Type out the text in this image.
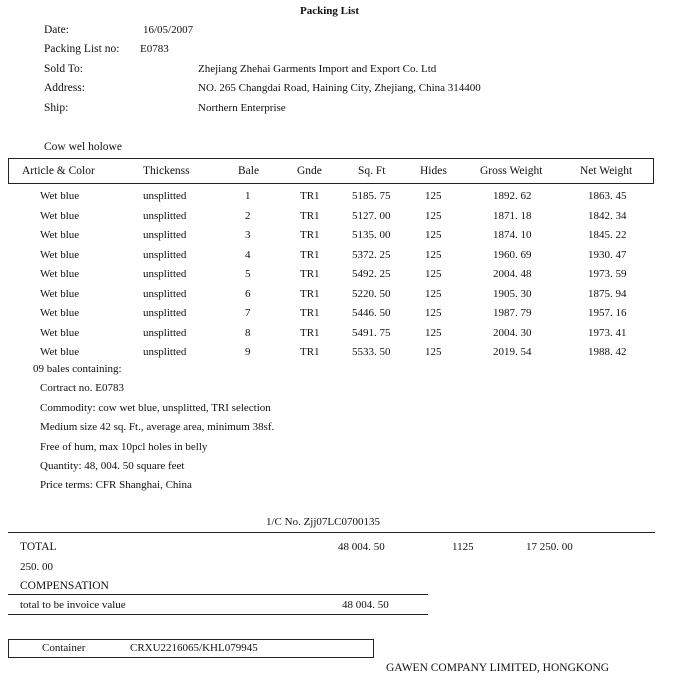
Packing List
Date:	16/05/2007
Packing List no: E0783
Sold To:	Zhejiang Zhehai Garments Import and Export Co. Ltd
Address:	NO. 265 Changdai Road, Haining City, Zhejiang, China 314400
Ship:	Northern Enterprise
Cow wel holowe
Article & Color	Thickenss	Bale	Gnde	Sq. Ft	Hides	Gross Weight	Net Weight
Wet blue	unsplitted	1	TR1	5185. 75	125	1892. 62	1863. 45
Wet blue	unsplitted	2	TR1	5127. 00	125	1871. 18	1842. 34
Wet blue	unsplitted	3	TR1	5135. 00	125	1874. 10	1845. 22
Wet blue	unsplitted	4	TR1	5372. 25	125	1960. 69	1930. 47
Wet blue	unsplitted	5	TR1	5492. 25	125	2004. 48	1973. 59
Wet blue	unsplitted	6	TR1	5220. 50	125	1905. 30	1875. 94
Wet blue	unsplitted	7	TR1	5446. 50	125	1987. 79	1957. 16
Wet blue	unsplitted	8	TR1	5491. 75	125	2004. 30	1973. 41
Wet blue	unsplitted	9	TR1	5533. 50	125	2019. 54	1988. 42
09 bales containing:
Cortract no. E0783
Commodity: cow wet blue, unsplitted, TRI selection
Medium size 42 sq. Ft., average area, minimum 38sf.
Free of hum, max 10pcl holes in belly
Quantity: 48, 004. 50 square feet
Price terms: CFR Shanghai, China
1/C No. Zjj07LC0700135
TOTAL	48 004. 50	1125	17 250. 00
250. 00
COMPENSATION
total to be invoice value	48 004. 50
Container	CRXU2216065/KHL079945
GAWEN COMPANY LIMITED, HONGKONG
